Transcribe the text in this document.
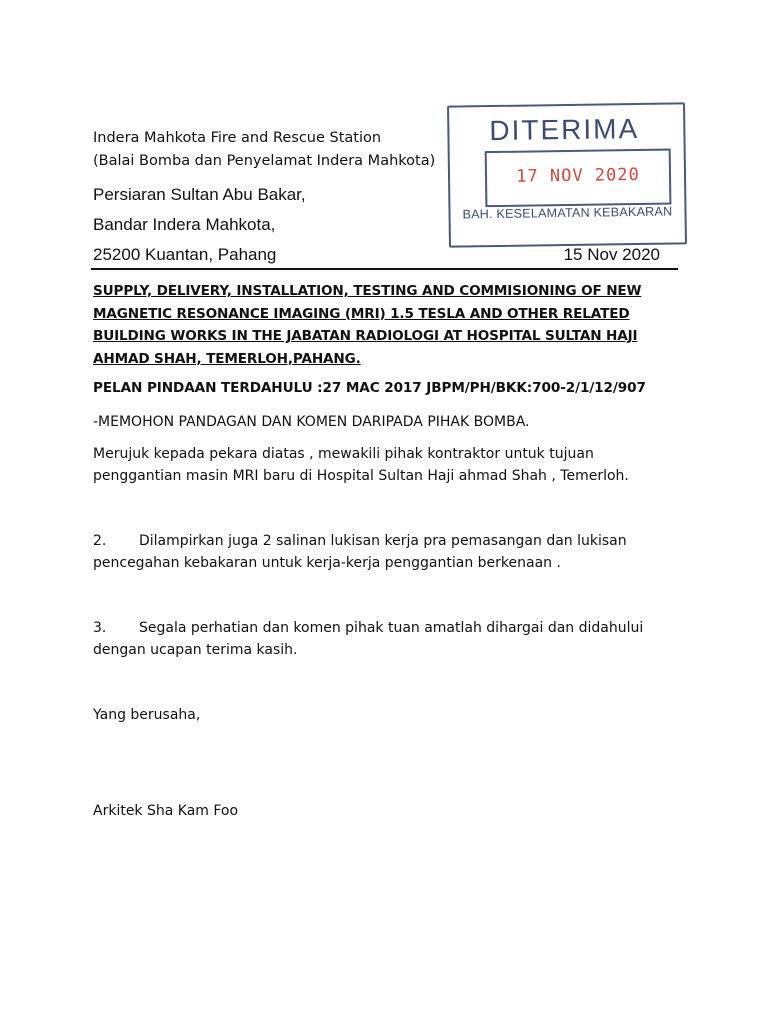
Indera Mahkota Fire and Rescue Station

(Balai Bomba dan Penyelamat Indera Mahkota)

Persiaran Sultan Abu Bakar,

Bandar Indera Mahkota,

25200 Kuantan, Pahang	15 Nov 2020
DITERIMA
17 NOV 2020
BAH. KESELAMATAN KEBAKARAN

SUPPLY, DELIVERY, INSTALLATION, TESTING AND COMMISIONING OF NEW MAGNETIC RESONANCE IMAGING (MRI) 1.5 TESLA AND OTHER RELATED BUILDING WORKS IN THE JABATAN RADIOLOGI AT HOSPITAL SULTAN HAJI AHMAD SHAH, TEMERLOH,PAHANG.

PELAN PINDAAN TERDAHULU :27 MAC 2017 JBPM/PH/BKK:700-2/1/12/907

-MEMOHON PANDAGAN DAN KOMEN DARIPADA PIHAK BOMBA.

Merujuk kepada pekara diatas , mewakili pihak kontraktor untuk tujuan penggantian masin MRI baru di Hospital Sultan Haji ahmad Shah , Temerloh.

2. Dilampirkan juga 2 salinan lukisan kerja pra pemasangan dan lukisan pencegahan kebakaran untuk kerja-kerja penggantian berkenaan .

3. Segala perhatian dan komen pihak tuan amatlah dihargai dan didahului dengan ucapan terima kasih.

Yang berusaha,

Arkitek Sha Kam Foo
